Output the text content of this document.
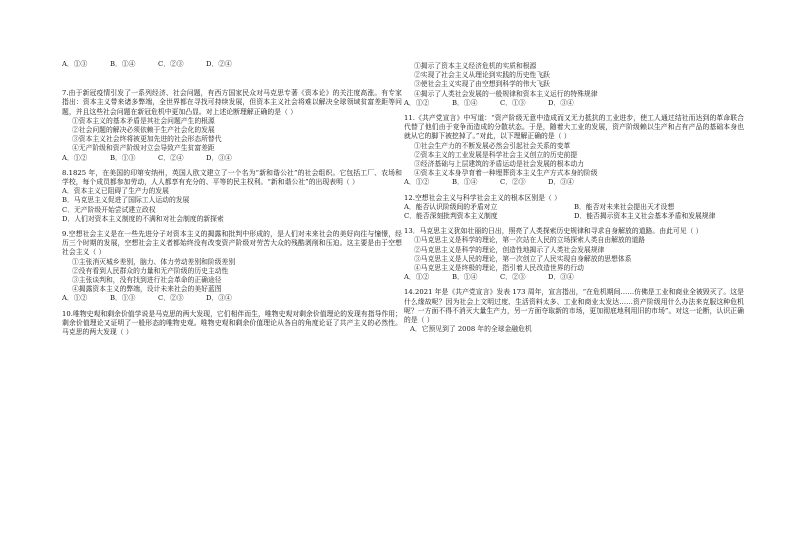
A．①③	B．①④	C．②③	D．②④

7.由于新冠疫情引发了一系列经济、社会问题，有西方国家民众对马克思专著《资本论》的关注度高涨。有专家指出：资本主义带来诸多弊端，全世界都在寻找可持续发展，但资本主义社会将难以解决全球领域贫富差距等问题，并且这些社会问题在新冠危机中更加凸显。对上述论断理解正确的是（ ）

①资本主义的基本矛盾是其社会问题产生的根源

②社会问题的解决必须依赖于生产社会化的发展

③资本主义社会终将被更加先进的社会形态所替代

④无产阶级和资产阶级对立会导致产生贫富差距

A．①②	B．①③	C．②④	D．③④

8.1825 年，在美国的印第安纳州，英国人欧文建立了一个名为“新和谐公社”的社会组织。它包括工厂、农场和学校，每个成员都参加劳动，人人都享有充分的、平等的民主权利。“新和谐公社”的出现表明（ ）

A．资本主义已阻碍了生产力的发展

B．马克思主义促进了国际工人运动的发展

C．无产阶级开始尝试建立政权

D．人们对资本主义制度的不满和对社会制度的新探索

9.空想社会主义是在一些先进分子对资本主义的揭露和批判中形成的，是人们对未来社会的美好向往与憧憬，经历三个时期的发展，空想社会主义者都始终没有改变资产阶级对劳苦大众的残酷剥削和压迫。这主要是由于空想社会主义（ ）

①主张消灭城乡差别，脑力、体力劳动差别和阶级差别

②没有看到人民群众的力量和无产阶级的历史主动性

③主张谈判和，没有找到进行社会革命的正确途径

④揭露资本主义的弊端，设计未来社会的美好蓝图

A．①②	B．①③	C．②③	D．③④

10.唯物史观和剩余价值学说是马克思的两大发现，它们相伴而生，唯物史观对剩余价值理论的发现有指导作用；剩余价值理论又证明了一般形态的唯物史观。唯物史观和剩余价值理论从各自的角度论证了共产主义的必然性。马克思的两大发现（ ）

①揭示了资本主义经济危机的实质和根源

②实现了社会主义从理论到实践的历史性飞跃

③使社会主义实现了由空想到科学的伟大飞跃

④揭示了人类社会发展的一般规律和资本主义运行的特殊规律

A．①②	B．①④	C．①③	D．③④

11.《共产党宣言》中写道：“资产阶级无意中造成而又无力抵抗的工业进步，使工人通过结社而达到的革命联合代替了他们由于竞争而造成的分散状态。于是，随着大工业的发展，资产阶级赖以生产和占有产品的基础本身也就从它的脚下被挖掉了。”对此，以下理解正确的是（ ）

①社会生产力的不断发展必然会引起社会关系的变革

②资本主义的工业发展是科学社会主义创立的历史前提

③经济基础与上层建筑的矛盾运动是社会发展的根本动力

④资本主义本身孕育着一种埋葬资本主义生产方式本身的阶级

A．①②	B．①④	C．②③	D．③④

12.空想社会主义与科学社会主义的根本区别是（ ）

A．能否认识阶级间的矛盾对立	B．能否对未来社会提出天才设想
C．能否深刻批判资本主义制度	D．能否揭示资本主义社会基本矛盾和发展规律

13．马克思主义犹如壮丽的日出，照亮了人类探索历史规律和寻求自身解放的道路。由此可见（ ）

①马克思主义是科学的理论，第一次站在人民的立场探索人类自由解放的道路

②马克思主义是科学的理论，创造性地揭示了人类社会发展规律

③马克思主义是人民的理论，第一次创立了人民实现自身解放的思想体系

④马克思主义是终极的理论，指引着人民改造世界的行动

A．①②	B．①④	C．②③	D．③④

14.2021 年是《共产党宣言》发表 173 周年，宣言指出，“在危机期间……仿佛是工业和商业全被毁灭了。这是什么缘故呢？因为社会上文明过度、生活资料太多、工业和商业太发达……资产阶级用什么办法来克服这种危机呢？一方面不得不消灭大量生产力，另一方面夺取新的市场，更加彻底地利用旧的市场”。对这一论断，认识正确的是（ ）

A．它预见到了 2008 年的全球金融危机
